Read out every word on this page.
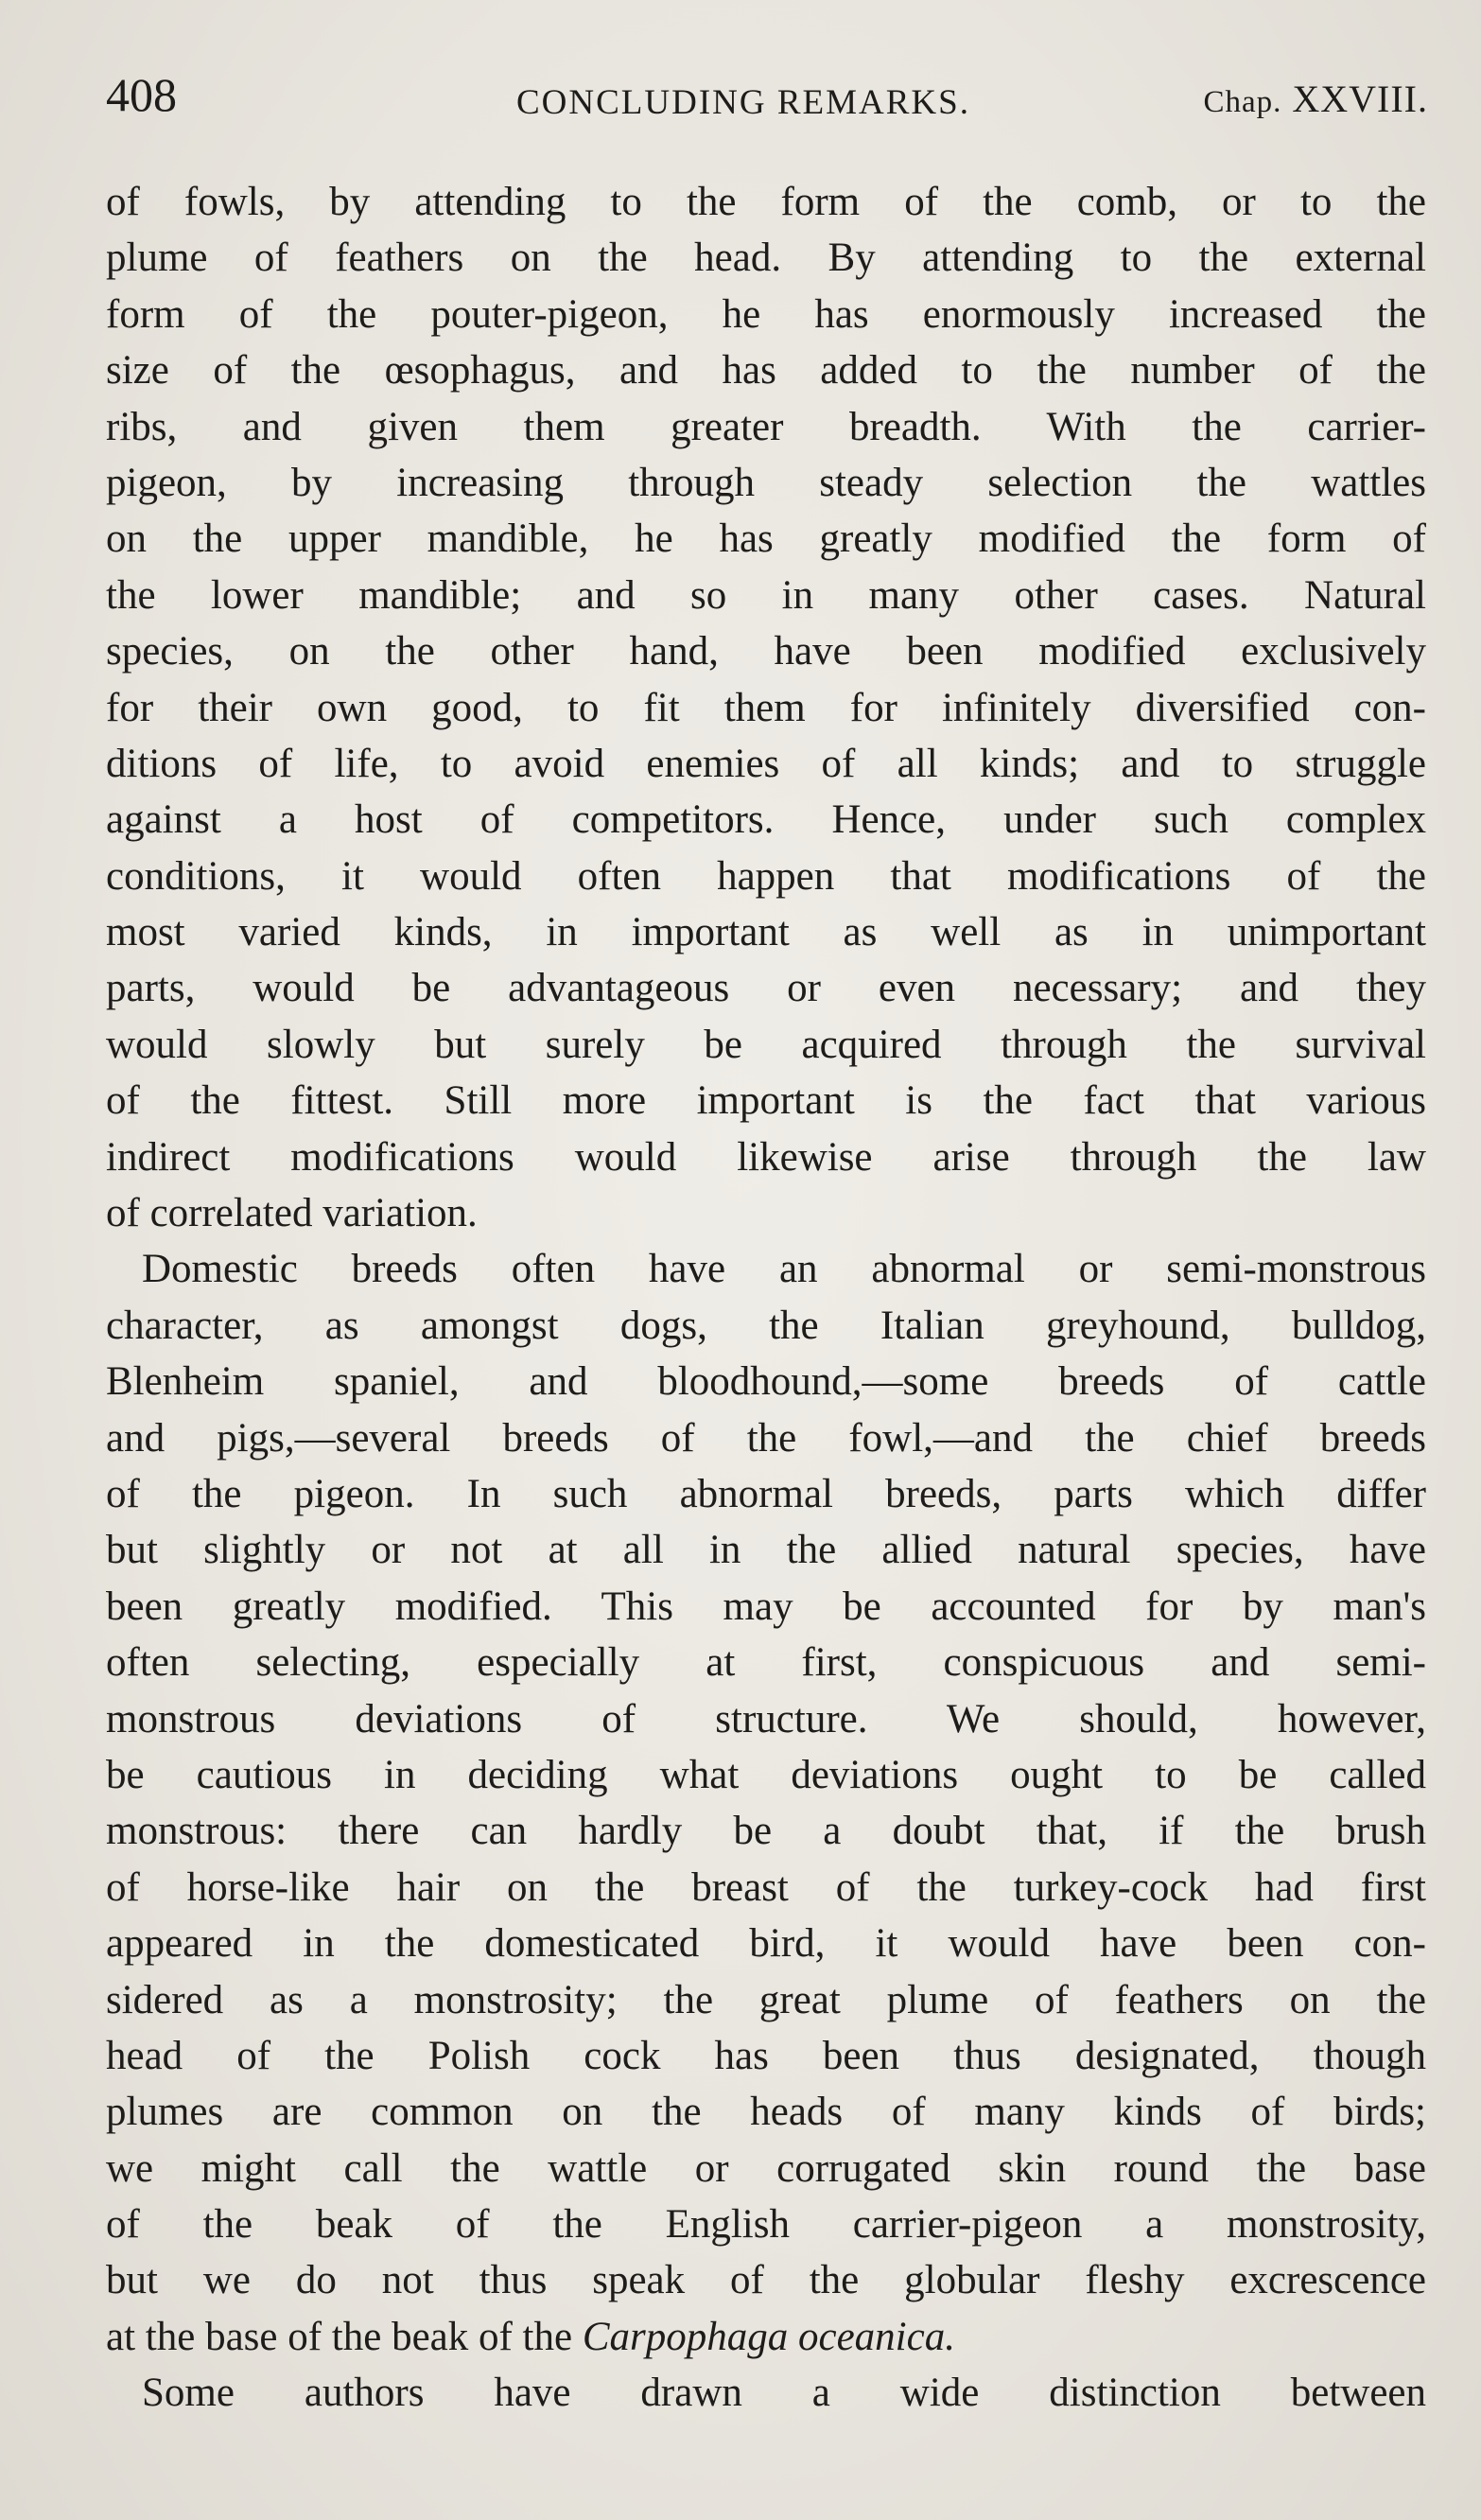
408	CONCLUDING REMARKS.	Chap. XXVIII.
of fowls, by attending to the form of the comb, or to the
plume of feathers on the head. By attending to the external
form of the pouter-pigeon, he has enormously increased the
size of the œsophagus, and has added to the number of the
ribs, and given them greater breadth. With the carrier-
pigeon, by increasing through steady selection the wattles
on the upper mandible, he has greatly modified the form of
the lower mandible; and so in many other cases. Natural
species, on the other hand, have been modified exclusively
for their own good, to fit them for infinitely diversified con-
ditions of life, to avoid enemies of all kinds; and to struggle
against a host of competitors. Hence, under such complex
conditions, it would often happen that modifications of the
most varied kinds, in important as well as in unimportant
parts, would be advantageous or even necessary; and they
would slowly but surely be acquired through the survival
of the fittest. Still more important is the fact that various
indirect modifications would likewise arise through the law
of correlated variation.
Domestic breeds often have an abnormal or semi-monstrous
character, as amongst dogs, the Italian greyhound, bulldog,
Blenheim spaniel, and bloodhound,—some breeds of cattle
and pigs,—several breeds of the fowl,—and the chief breeds
of the pigeon. In such abnormal breeds, parts which differ
but slightly or not at all in the allied natural species, have
been greatly modified. This may be accounted for by man's
often selecting, especially at first, conspicuous and semi-
monstrous deviations of structure. We should, however,
be cautious in deciding what deviations ought to be called
monstrous: there can hardly be a doubt that, if the brush
of horse-like hair on the breast of the turkey-cock had first
appeared in the domesticated bird, it would have been con-
sidered as a monstrosity; the great plume of feathers on the
head of the Polish cock has been thus designated, though
plumes are common on the heads of many kinds of birds;
we might call the wattle or corrugated skin round the base
of the beak of the English carrier-pigeon a monstrosity,
but we do not thus speak of the globular fleshy excrescence
at the base of the beak of the Carpophaga oceanica.
Some authors have drawn a wide distinction between
